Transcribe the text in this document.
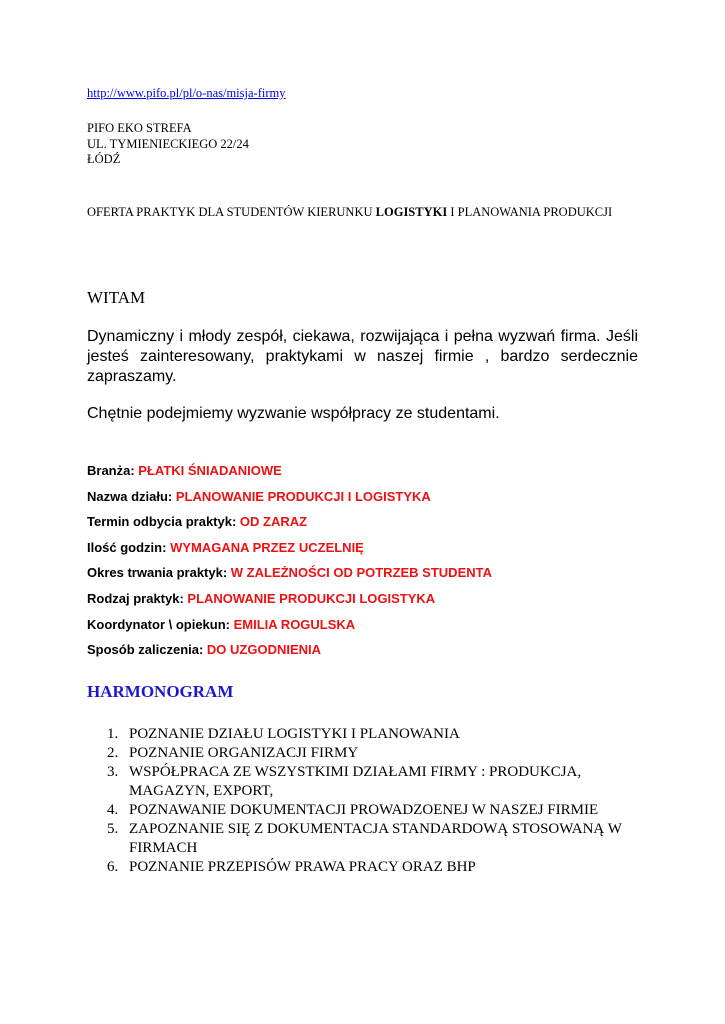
http://www.pifo.pl/pl/o-nas/misja-firmy
PIFO EKO STREFA
UL. TYMIENIECKIEGO 22/24
ŁÓDŹ
OFERTA PRAKTYK DLA STUDENTÓW KIERUNKU LOGISTYKI I PLANOWANIA PRODUKCJI
WITAM

Dynamiczny i młody zespół, ciekawa, rozwijająca i pełna wyzwań firma. Jeśli jesteś zainteresowany, praktykami w naszej firmie , bardzo serdecznie zapraszamy.

Chętnie podejmiemy wyzwanie współpracy ze studentami.
Branża: PŁATKI ŚNIADANIOWE
Nazwa działu: PLANOWANIE PRODUKCJI I LOGISTYKA
Termin odbycia praktyk: OD ZARAZ
Ilość godzin: WYMAGANA PRZEZ UCZELNIĘ
Okres trwania praktyk: W ZALEŻNOŚCI OD POTRZEB STUDENTA
Rodzaj praktyk: PLANOWANIE PRODUKCJI LOGISTYKA
Koordynator \ opiekun: EMILIA ROGULSKA
Sposób zaliczenia: DO UZGODNIENIA
HARMONOGRAM
1. POZNANIE DZIAŁU LOGISTYKI I PLANOWANIA
2. POZNANIE ORGANIZACJI FIRMY
3. WSPÓŁPRACA ZE WSZYSTKIMI DZIAŁAMI FIRMY : PRODUKCJA, MAGAZYN, EXPORT,
4. POZNAWANIE DOKUMENTACJI PROWADZOENEJ W NASZEJ FIRMIE
5. ZAPOZNANIE SIĘ Z DOKUMENTACJA STANDARDOWĄ STOSOWANĄ W FIRMACH
6. POZNANIE PRZEPISÓW PRAWA PRACY ORAZ BHP
